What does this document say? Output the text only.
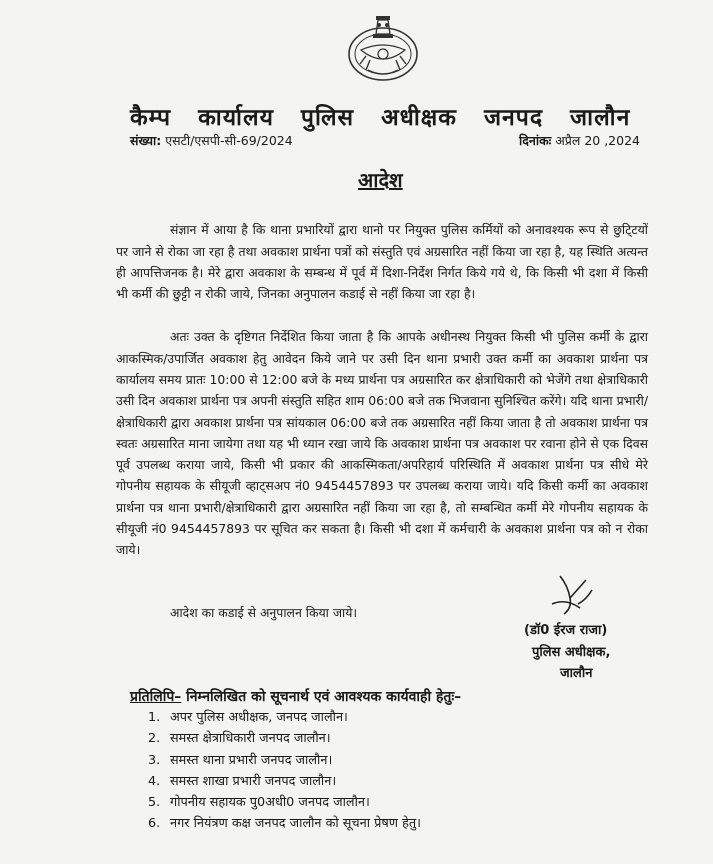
कैम्प कार्यालय पुलिस अधीक्षक जनपद जालौन
संख्या: एसटी/एसपी-सी-69/2024	दिनांकः अप्रैल 20 ,2024
आदेश

संज्ञान में आया है कि थाना प्रभारियों द्वारा थानो पर नियुक्त पुलिस कर्मियों को अनावश्यक रूप से छुटि्टयों पर जाने से रोका जा रहा है तथा अवकाश प्रार्थना पत्रों को संस्तुति एवं अग्रसारित नहीं किया जा रहा है, यह स्थिति अत्यन्त ही आपत्तिजनक है। मेरे द्वारा अवकाश के सम्बन्ध में पूर्व में दिशा-निर्देश निर्गत किये गये थे, कि किसी भी दशा में किसी भी कर्मी की छुट्टी न रोकी जाये, जिनका अनुपालन कडाई से नहीं किया जा रहा है।

अतः उक्त के दृष्टिगत निर्देशित किया जाता है कि आपके अधीनस्थ नियुक्त किसी भी पुलिस कर्मी के द्वारा आकस्मिक/उपार्जित अवकाश हेतु आवेदन किये जाने पर उसी दिन थाना प्रभारी उक्त कर्मी का अवकाश प्रार्थना पत्र कार्यालय समय प्रातः 10:00 से 12:00 बजे के मध्य प्रार्थना पत्र अग्रसारित कर क्षेत्राधिकारी को भेजेंगे तथा क्षेत्राधिकारी उसी दिन अवकाश प्रार्थना पत्र अपनी संस्तुति सहित शाम 06:00 बजे तक भिजवाना सुनिश्चित करेंगे। यदि थाना प्रभारी/क्षेत्राधिकारी द्वारा अवकाश प्रार्थना पत्र सांयकाल 06:00 बजे तक अग्रसारित नहीं किया जाता है तो अवकाश प्रार्थना पत्र स्वतः अग्रसारित माना जायेगा तथा यह भी ध्यान रखा जाये कि अवकाश प्रार्थना पत्र अवकाश पर रवाना होने से एक दिवस पूर्व उपलब्ध कराया जाये, किसी भी प्रकार की आकस्मिकता/अपरिहार्य परिस्थिति में अवकाश प्रार्थना पत्र सीधे मेरे गोपनीय सहायक के सीयूजी व्हाट्सअप नं0 9454457893 पर उपलब्ध कराया जाये। यदि किसी कर्मी का अवकाश प्रार्थना पत्र थाना प्रभारी/क्षेत्राधिकारी द्वारा अग्रसारित नहीं किया जा रहा है, तो सम्बन्धित कर्मी मेरे गोपनीय सहायक के सीयूजी नं0 9454457893 पर सूचित कर सकता है। किसी भी दशा में कर्मचारी के अवकाश प्रार्थना पत्र को न रोका जाये।

आदेश का कडाई से अनुपालन किया जाये।

(डॉ0 ईरज राजा)
पुलिस अधीक्षक,
जालौन
प्रतिलिपि– निम्नलिखित को सूचनार्थ एवं आवश्यक कार्यवाही हेतुः–
1. अपर पुलिस अधीक्षक, जनपद जालौन।
2. समस्त क्षेत्राधिकारी जनपद जालौन।
3. समस्त थाना प्रभारी जनपद जालौन।
4. समस्त शाखा प्रभारी जनपद जालौन।
5. गोपनीय सहायक पु0अधी0 जनपद जालौन।
6. नगर नियंत्रण कक्ष जनपद जालौन को सूचना प्रेषण हेतु।
